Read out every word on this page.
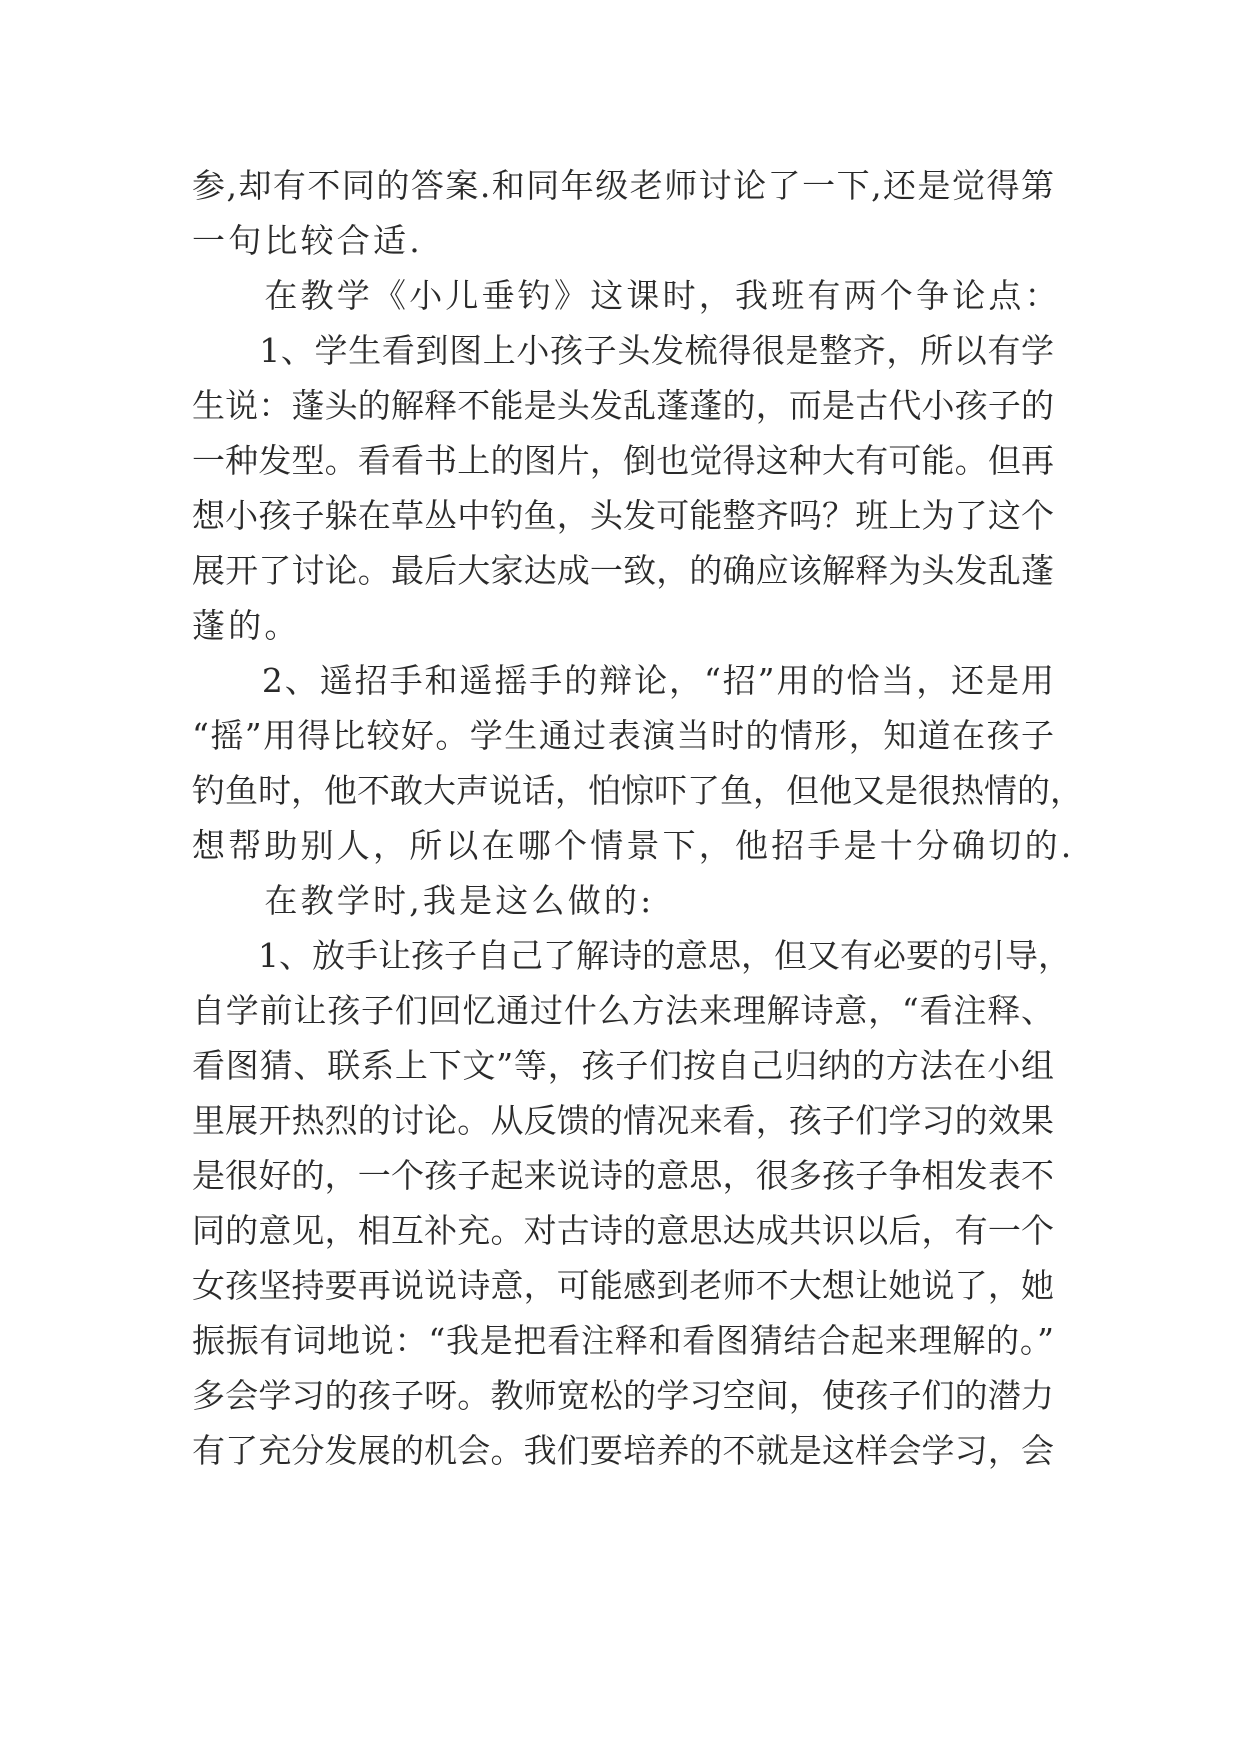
参,却有不同的答案.和同年级老师讨论了一下,还是觉得第
一句比较合适.
　　在教学《小儿垂钓》这课时，我班有两个争论点：
　　1、学生看到图上小孩子头发梳得很是整齐，所以有学
生说：蓬头的解释不能是头发乱蓬蓬的，而是古代小孩子的
一种发型。看看书上的图片，倒也觉得这种大有可能。但再
想小孩子躲在草丛中钓鱼，头发可能整齐吗？班上为了这个
展开了讨论。最后大家达成一致，的确应该解释为头发乱蓬
蓬的。
　　2、遥招手和遥摇手的辩论，“招”用的恰当，还是用
“摇”用得比较好。学生通过表演当时的情形，知道在孩子
钓鱼时，他不敢大声说话，怕惊吓了鱼，但他又是很热情的，
想帮助别人，所以在哪个情景下，他招手是十分确切的.
　　在教学时,我是这么做的:
　　1、放手让孩子自己了解诗的意思，但又有必要的引导，
自学前让孩子们回忆通过什么方法来理解诗意，“看注释、
看图猜、联系上下文”等，孩子们按自己归纳的方法在小组
里展开热烈的讨论。从反馈的情况来看，孩子们学习的效果
是很好的，一个孩子起来说诗的意思，很多孩子争相发表不
同的意见，相互补充。对古诗的意思达成共识以后，有一个
女孩坚持要再说说诗意，可能感到老师不大想让她说了，她
振振有词地说：“我是把看注释和看图猜结合起来理解的。”
多会学习的孩子呀。教师宽松的学习空间，使孩子们的潜力
有了充分发展的机会。我们要培养的不就是这样会学习，会
